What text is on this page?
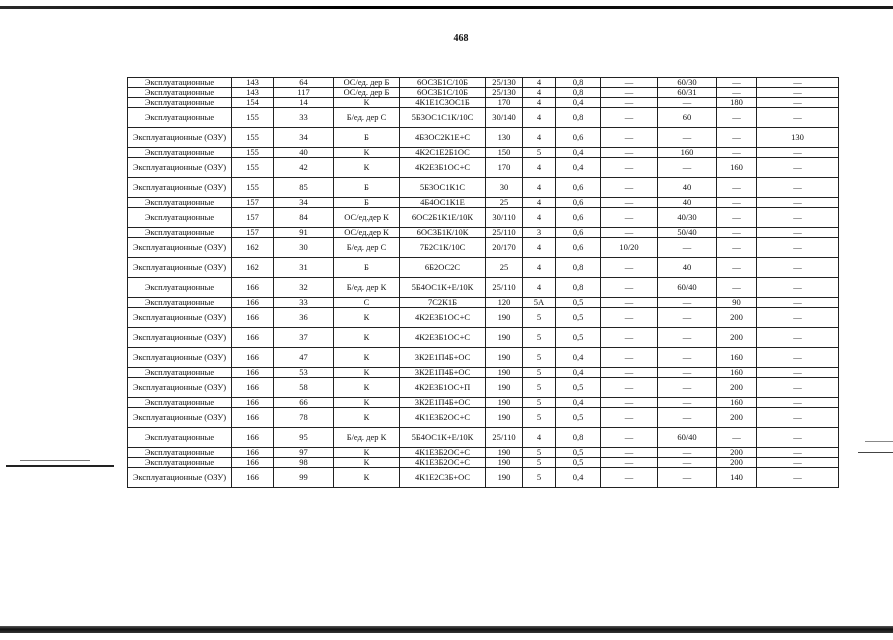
468
Эксплуатационные	143	64	ОС/ед. дер Б	6ОС3Б1С/10Б	25/130	4	0,8	—	60/30	—	—
Эксплуатационные	143	117	ОС/ед. дер Б	6ОС3Б1С/10Б	25/130	4	0,8	—	60/31	—	—
Эксплуатационные	154	14	К	4К1Е1С3ОС1Б	170	4	0,4	—	—	180	—
Эксплуатационные	155	33	Б/ед. дер С	5Б3ОС1С1К/10С	30/140	4	0,8	—	60	—	—
Эксплуатационные (ОЗУ)	155	34	Б	4Б3ОС2К1Е+С	130	4	0,6	—	—	—	130
Эксплуатационные	155	40	К	4К2С1Е2Б1ОС	150	5	0,4	—	160	—	—
Эксплуатационные (ОЗУ)	155	42	К	4К2Е3Б1ОС+С	170	4	0,4	—	—	160	—
Эксплуатационные (ОЗУ)	155	85	Б	5Б3ОС1К1С	30	4	0,6	—	40	—	—
Эксплуатационные	157	34	Б	4Б4ОС1К1Е	25	4	0,6	—	40	—	—
Эксплуатационные	157	84	ОС/ед.дер К	6ОС2Б1К1Е/10К	30/110	4	0,6	—	40/30	—	—
Эксплуатационные	157	91	ОС/ед.дер К	6ОС3Б1К/10К	25/110	3	0,6	—	50/40	—	—
Эксплуатационные (ОЗУ)	162	30	Б/ед. дер С	7Б2С1К/10С	20/170	4	0,6	10/20	—	—	—
Эксплуатационные (ОЗУ)	162	31	Б	6Б2ОС2С	25	4	0,8	—	40	—	—
Эксплуатационные	166	32	Б/ед. дер К	5Б4ОС1К+Е/10К	25/110	4	0,8	—	60/40	—	—
Эксплуатационные	166	33	С	7С2К1Б	120	5А	0,5	—	—	90	—
Эксплуатационные (ОЗУ)	166	36	К	4К2Е3Б1ОС+С	190	5	0,5	—	—	200	—
Эксплуатационные (ОЗУ)	166	37	К	4К2Е3Б1ОС+С	190	5	0,5	—	—	200	—
Эксплуатационные (ОЗУ)	166	47	К	3К2Е1П4Б+ОС	190	5	0,4	—	—	160	—
Эксплуатационные	166	53	К	3К2Е1П4Б+ОС	190	5	0,4	—	—	160	—
Эксплуатационные (ОЗУ)	166	58	К	4К2Е3Б1ОС+П	190	5	0,5	—	—	200	—
Эксплуатационные	166	66	К	3К2Е1П4Б+ОС	190	5	0,4	—	—	160	—
Эксплуатационные (ОЗУ)	166	78	К	4К1Е3Б2ОС+С	190	5	0,5	—	—	200	—
Эксплуатационные	166	95	Б/ед. дер К	5Б4ОС1К+Е/10К	25/110	4	0,8	—	60/40	—	—
Эксплуатационные	166	97	К	4К1Е3Б2ОС+С	190	5	0,5	—	—	200	—
Эксплуатационные	166	98	К	4К1Е3Б2ОС+С	190	5	0,5	—	—	200	—
Эксплуатационные (ОЗУ)	166	99	К	4К1Е2С3Б+ОС	190	5	0,4	—	—	140	—
